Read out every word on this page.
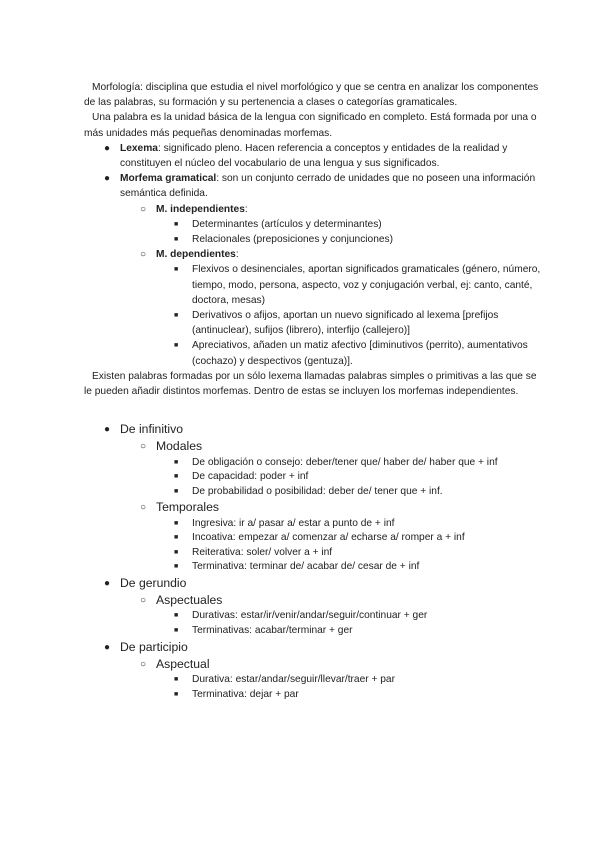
Morfología: disciplina que estudia el nivel morfológico y que se centra en analizar los componentes de las palabras, su formación y su pertenencia a clases o categorías gramaticales.

Una palabra es la unidad básica de la lengua con significado en completo. Está formada por una o más unidades más pequeñas denominadas morfemas.

● Lexema: significado pleno. Hacen referencia a conceptos y entidades de la realidad y constituyen el núcleo del vocabulario de una lengua y sus significados.
● Morfema gramatical: son un conjunto cerrado de unidades que no poseen una información semántica definida.
○ M. independientes:
■ Determinantes (artículos y determinantes)
■ Relacionales (preposiciones y conjunciones)
○ M. dependientes:
■ Flexivos o desinenciales, aportan significados gramaticales (género, número, tiempo, modo, persona, aspecto, voz y conjugación verbal, ej: canto, canté, doctora, mesas)
■ Derivativos o afijos, aportan un nuevo significado al lexema [prefijos (antinuclear), sufijos (librero), interfijo (callejero)]
■ Apreciativos, añaden un matiz afectivo [diminutivos (perrito), aumentativos (cochazo) y despectivos (gentuza)].

Existen palabras formadas por un sólo lexema llamadas palabras simples o primitivas a las que se le pueden añadir distintos morfemas. Dentro de estas se incluyen los morfemas independientes.

● De infinitivo
○ Modales
■ De obligación o consejo: deber/tener que/ haber de/ haber que + inf
■ De capacidad: poder + inf
■ De probabilidad o posibilidad: deber de/ tener que + inf.
○ Temporales
■ Ingresiva: ir a/ pasar a/ estar a punto de + inf
■ Incoativa: empezar a/ comenzar a/ echarse a/ romper a + inf
■ Reiterativa: soler/ volver a + inf
■ Terminativa: terminar de/ acabar de/ cesar de + inf
● De gerundio
○ Aspectuales
■ Durativas: estar/ir/venir/andar/seguir/continuar + ger
■ Terminativas: acabar/terminar + ger
● De participio
○ Aspectual
■ Durativa: estar/andar/seguir/llevar/traer + par
■ Terminativa: dejar + par
